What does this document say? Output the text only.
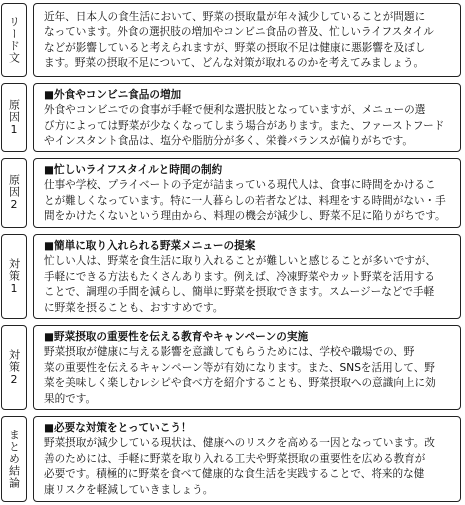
リード文 近年、日本人の食生活において、野菜の摂取量が年々減少していることが問題に
なっています。外食の選択肢の増加やコンビニ食品の普及、忙しいライフスタイル
などが影響していると考えられますが、野菜の摂取不足は健康に悪影響を及ぼし
ます。野菜の摂取不足について、どんな対策が取れるのかを考えてみましょう。
原因1
■外食やコンビニ食品の増加
外食やコンビニでの食事が手軽で便利な選択肢となっていますが、メニューの選
び方によっては野菜が少なくなってしまう場合があります。また、ファーストフード
やインスタント食品は、塩分や脂肪分が多く、栄養バランスが偏りがちです。
原因2
■忙しいライフスタイルと時間の制約
仕事や学校、プライベートの予定が詰まっている現代人は、食事に時間をかけるこ
とが難しくなっています。特に一人暮らしの若者などは、料理をする時間がない・手
間をかけたくないという理由から、料理の機会が減少し、野菜不足に陥りがちです。
対策1
■簡単に取り入れられる野菜メニューの提案
忙しい人は、野菜を食生活に取り入れることが難しいと感じることが多いですが、
手軽にできる方法もたくさんあります。例えば、冷凍野菜やカット野菜を活用する
ことで、調理の手間を減らし、簡単に野菜を摂取できます。スムージーなどで手軽
に野菜を摂ることも、おすすめです。
対策2
■野菜摂取の重要性を伝える教育やキャンペーンの実施
野菜摂取が健康に与える影響を意識してもらうためには、学校や職場での、野
菜の重要性を伝えるキャンペーン等が有効になります。また、SNSを活用して、野
菜を美味しく楽しむレシピや食べ方を紹介することも、野菜摂取への意識向上に効
果的です。
まとめ結論
■必要な対策をとっていこう！
野菜摂取が減少している現状は、健康へのリスクを高める一因となっています。改
善のためには、手軽に野菜を取り入れる工夫や野菜摂取の重要性を広める教育が
必要です。積極的に野菜を食べて健康的な食生活を実践することで、将来的な健
康リスクを軽減していきましょう。
